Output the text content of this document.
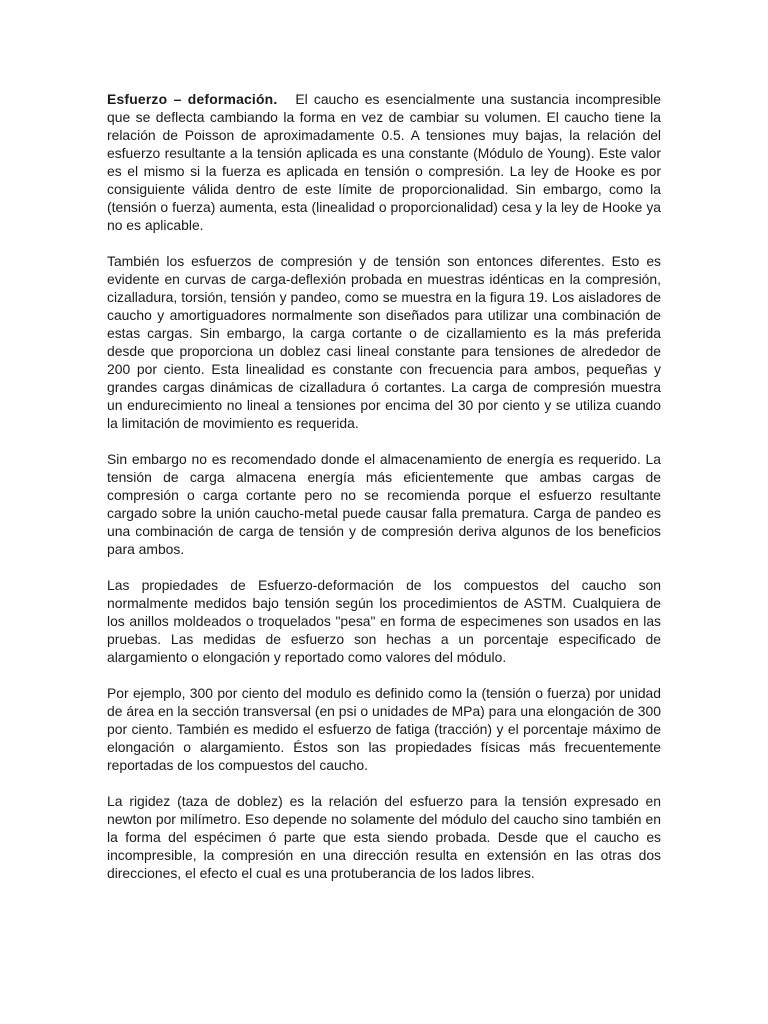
Esfuerzo – deformación. El caucho es esencialmente una sustancia incompresible que se deflecta cambiando la forma en vez de cambiar su volumen. El caucho tiene la relación de Poisson de aproximadamente 0.5. A tensiones muy bajas, la relación del esfuerzo resultante a la tensión aplicada es una constante (Módulo de Young). Este valor es el mismo si la fuerza es aplicada en tensión o compresión. La ley de Hooke es por consiguiente válida dentro de este límite de proporcionalidad. Sin embargo, como la (tensión o fuerza) aumenta, esta (linealidad o proporcionalidad) cesa y la ley de Hooke ya no es aplicable.

También los esfuerzos de compresión y de tensión son entonces diferentes. Esto es evidente en curvas de carga-deflexión probada en muestras idénticas en la compresión, cizalladura, torsión, tensión y pandeo, como se muestra en la figura 19. Los aisladores de caucho y amortiguadores normalmente son diseñados para utilizar una combinación de estas cargas. Sin embargo, la carga cortante o de cizallamiento es la más preferida desde que proporciona un doblez casi lineal constante para tensiones de alrededor de 200 por ciento. Esta linealidad es constante con frecuencia para ambos, pequeñas y grandes cargas dinámicas de cizalladura ó cortantes. La carga de compresión muestra un endurecimiento no lineal a tensiones por encima del 30 por ciento y se utiliza cuando la limitación de movimiento es requerida.

Sin embargo no es recomendado donde el almacenamiento de energía es requerido. La tensión de carga almacena energía más eficientemente que ambas cargas de compresión o carga cortante pero no se recomienda porque el esfuerzo resultante cargado sobre la unión caucho-metal puede causar falla prematura. Carga de pandeo es una combinación de carga de tensión y de compresión deriva algunos de los beneficios para ambos.

Las propiedades de Esfuerzo-deformación de los compuestos del caucho son normalmente medidos bajo tensión según los procedimientos de ASTM. Cualquiera de los anillos moldeados o troquelados "pesa" en forma de especimenes son usados en las pruebas. Las medidas de esfuerzo son hechas a un porcentaje especificado de alargamiento o elongación y reportado como valores del módulo.

Por ejemplo, 300 por ciento del modulo es definido como la (tensión o fuerza) por unidad de área en la sección transversal (en psi o unidades de MPa) para una elongación de 300 por ciento. También es medido el esfuerzo de fatiga (tracción) y el porcentaje máximo de elongación o alargamiento. Éstos son las propiedades físicas más frecuentemente reportadas de los compuestos del caucho.

La rigidez (taza de doblez) es la relación del esfuerzo para la tensión expresado en newton por milímetro. Eso depende no solamente del módulo del caucho sino también en la forma del espécimen ó parte que esta siendo probada. Desde que el caucho es incompresible, la compresión en una dirección resulta en extensión en las otras dos direcciones, el efecto el cual es una protuberancia de los lados libres.
